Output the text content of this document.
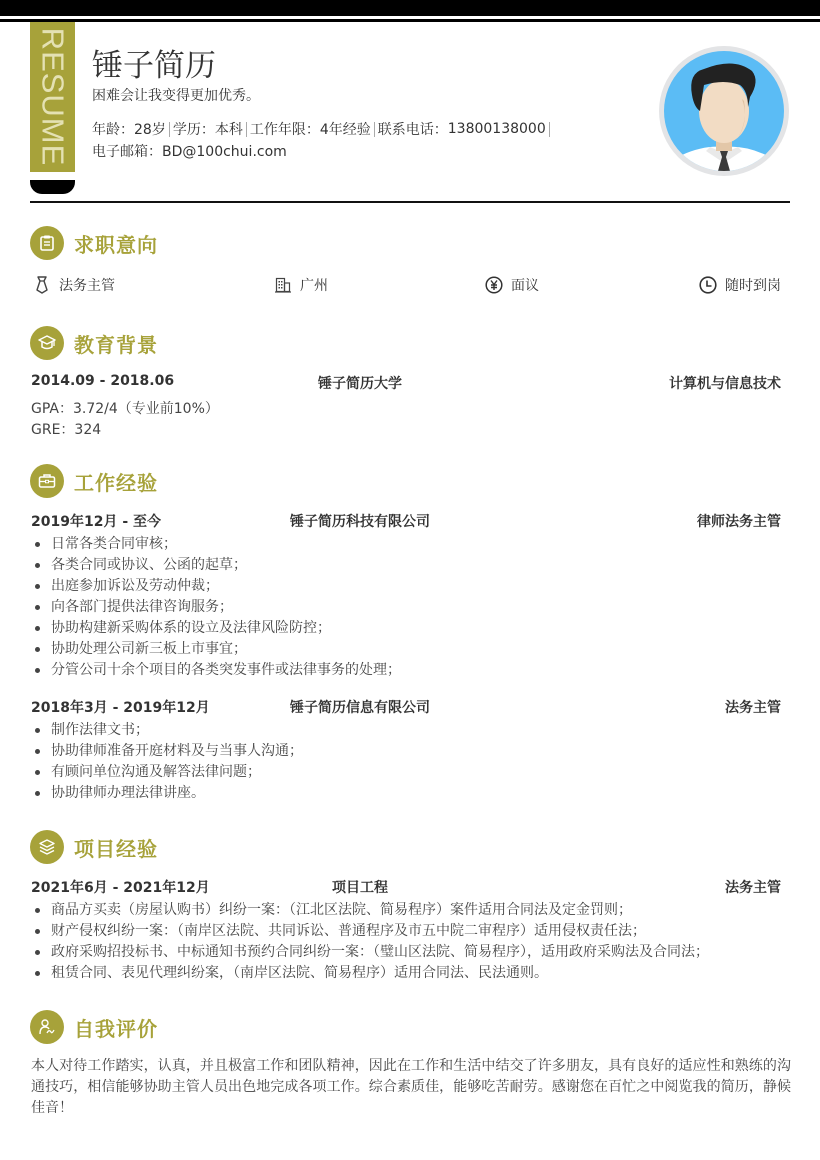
RESUME 锤子简历
困难会让我变得更加优秀。
年龄： 28岁 学历： 本科 工作年限： 4年经验 联系电话： 13800138000
电子邮箱：BD@100chui.com
求职意向
法务主管	广州	面议	随时到岗
教育背景
2014.09 - 2018.06	锤子简历大学	计算机与信息技术
GPA：3.72/4（专业前10%）
GRE：324
工作经验
2019年12月 - 至今	锤子简历科技有限公司	律师法务主管
日常各类合同审核；
各类合同或协议、公函的起草；
出庭参加诉讼及劳动仲裁；
向各部门提供法律咨询服务；
协助构建新采购体系的设立及法律风险防控；
协助处理公司新三板上市事宜；
分管公司十余个项目的各类突发事件或法律事务的处理；
2018年3月 - 2019年12月	锤子简历信息有限公司	法务主管
制作法律文书；
协助律师准备开庭材料及与当事人沟通；
有顾问单位沟通及解答法律问题；
协助律师办理法律讲座。
项目经验
2021年6月 - 2021年12月	项目工程	法务主管
商品方买卖（房屋认购书）纠纷一案：（江北区法院、简易程序）案件适用合同法及定金罚则；
财产侵权纠纷一案：（南岸区法院、共同诉讼、普通程序及市五中院二审程序）适用侵权责任法；
政府采购招投标书、中标通知书预约合同纠纷一案：（璧山区法院、简易程序），适用政府采购法及合同法；
租赁合同、表见代理纠纷案，（南岸区法院、简易程序）适用合同法、民法通则。
自我评价

本人对待工作踏实，认真，并且极富工作和团队精神，因此在工作和生活中结交了许多朋友，具有良好的适应性和熟练的沟通技巧，相信能够协助主管人员出色地完成各项工作。综合素质佳，能够吃苦耐劳。感谢您在百忙之中阅览我的简历，静候佳音！
